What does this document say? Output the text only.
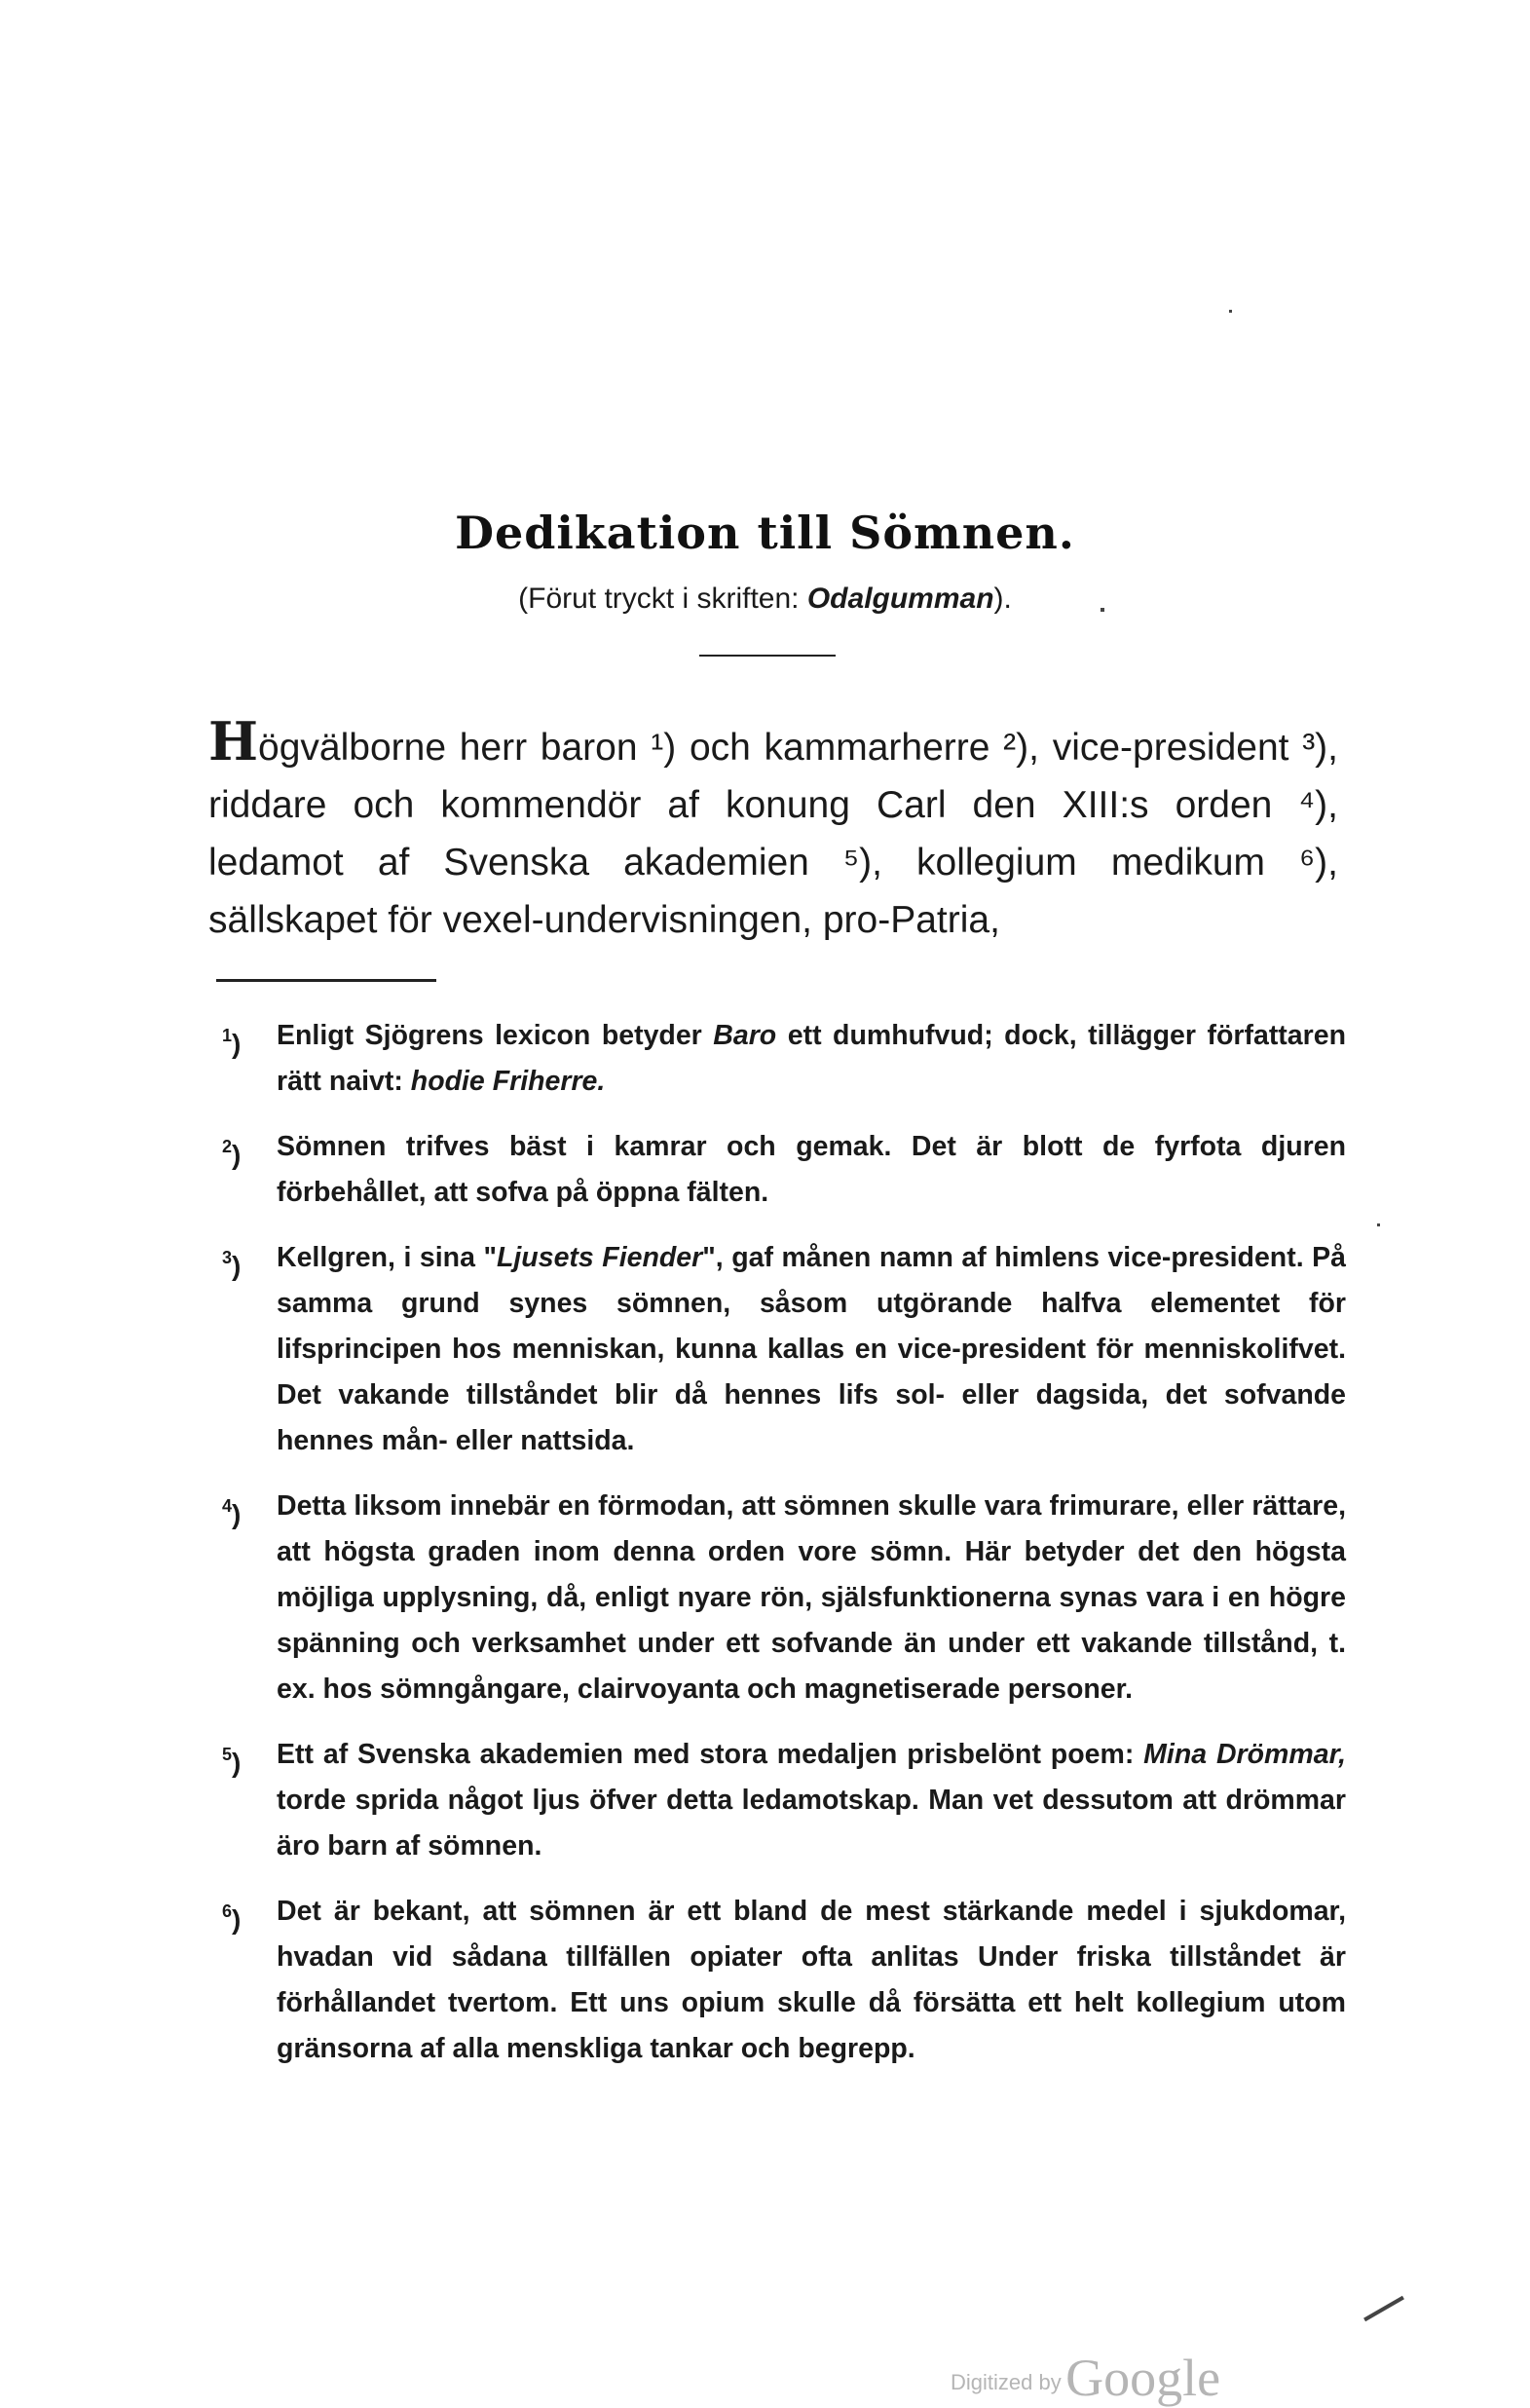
Dedikation till Sömnen.
(Förut tryckt i skriften: Odalgumman).
Högvälborne herr baron ¹) och kammarherre ²), vice-president ³), riddare och kommendör af konung Carl den XIII:s orden ⁴), ledamot af Svenska akademien ⁵), kollegium medikum ⁶), sällskapet för vexel-undervisningen, pro-Patria,
$^1$) Enligt Sjögrens lexicon betyder Baro ett dumhufvud; dock, tillägger författaren rätt naivt: hodie Friherre.
$^2$) Sömnen trifves bäst i kamrar och gemak. Det är blott de fyrfota djuren förbehållet, att sofva på öppna fälten.
$^3$) Kellgren, i sina "Ljusets Fiender", gaf månen namn af himlens vice-president. På samma grund synes sömnen, såsom utgörande halfva elementet för lifsprincipen hos menniskan, kunna kallas en vice-president för menniskolifvet. Det vakande tillståndet blir då hennes lifs sol- eller dagsida, det sofvande hennes mån- eller nattsida.
$^4$) Detta liksom innebär en förmodan, att sömnen skulle vara frimurare, eller rättare, att högsta graden inom denna orden vore sömn. Här betyder det den högsta möjliga upplysning, då, enligt nyare rön, själsfunktionerna synas vara i en högre spänning och verksamhet under ett sofvande än under ett vakande tillstånd, t. ex. hos sömngångare, clairvoyanta och magnetiserade personer.
$^5$) Ett af Svenska akademien med stora medaljen prisbelönt poem: Mina Drömmar, torde sprida något ljus öfver detta ledamotskap. Man vet dessutom att drömmar äro barn af sömnen.
$^6$) Det är bekant, att sömnen är ett bland de mest stärkande medel i sjukdomar, hvadan vid sådana tillfällen opiater ofta anlitas Under friska tillståndet är förhållandet tvertom. Ett uns opium skulle då försätta ett helt kollegium utom gränsorna af alla menskliga tankar och begrepp.
Digitized by Google
